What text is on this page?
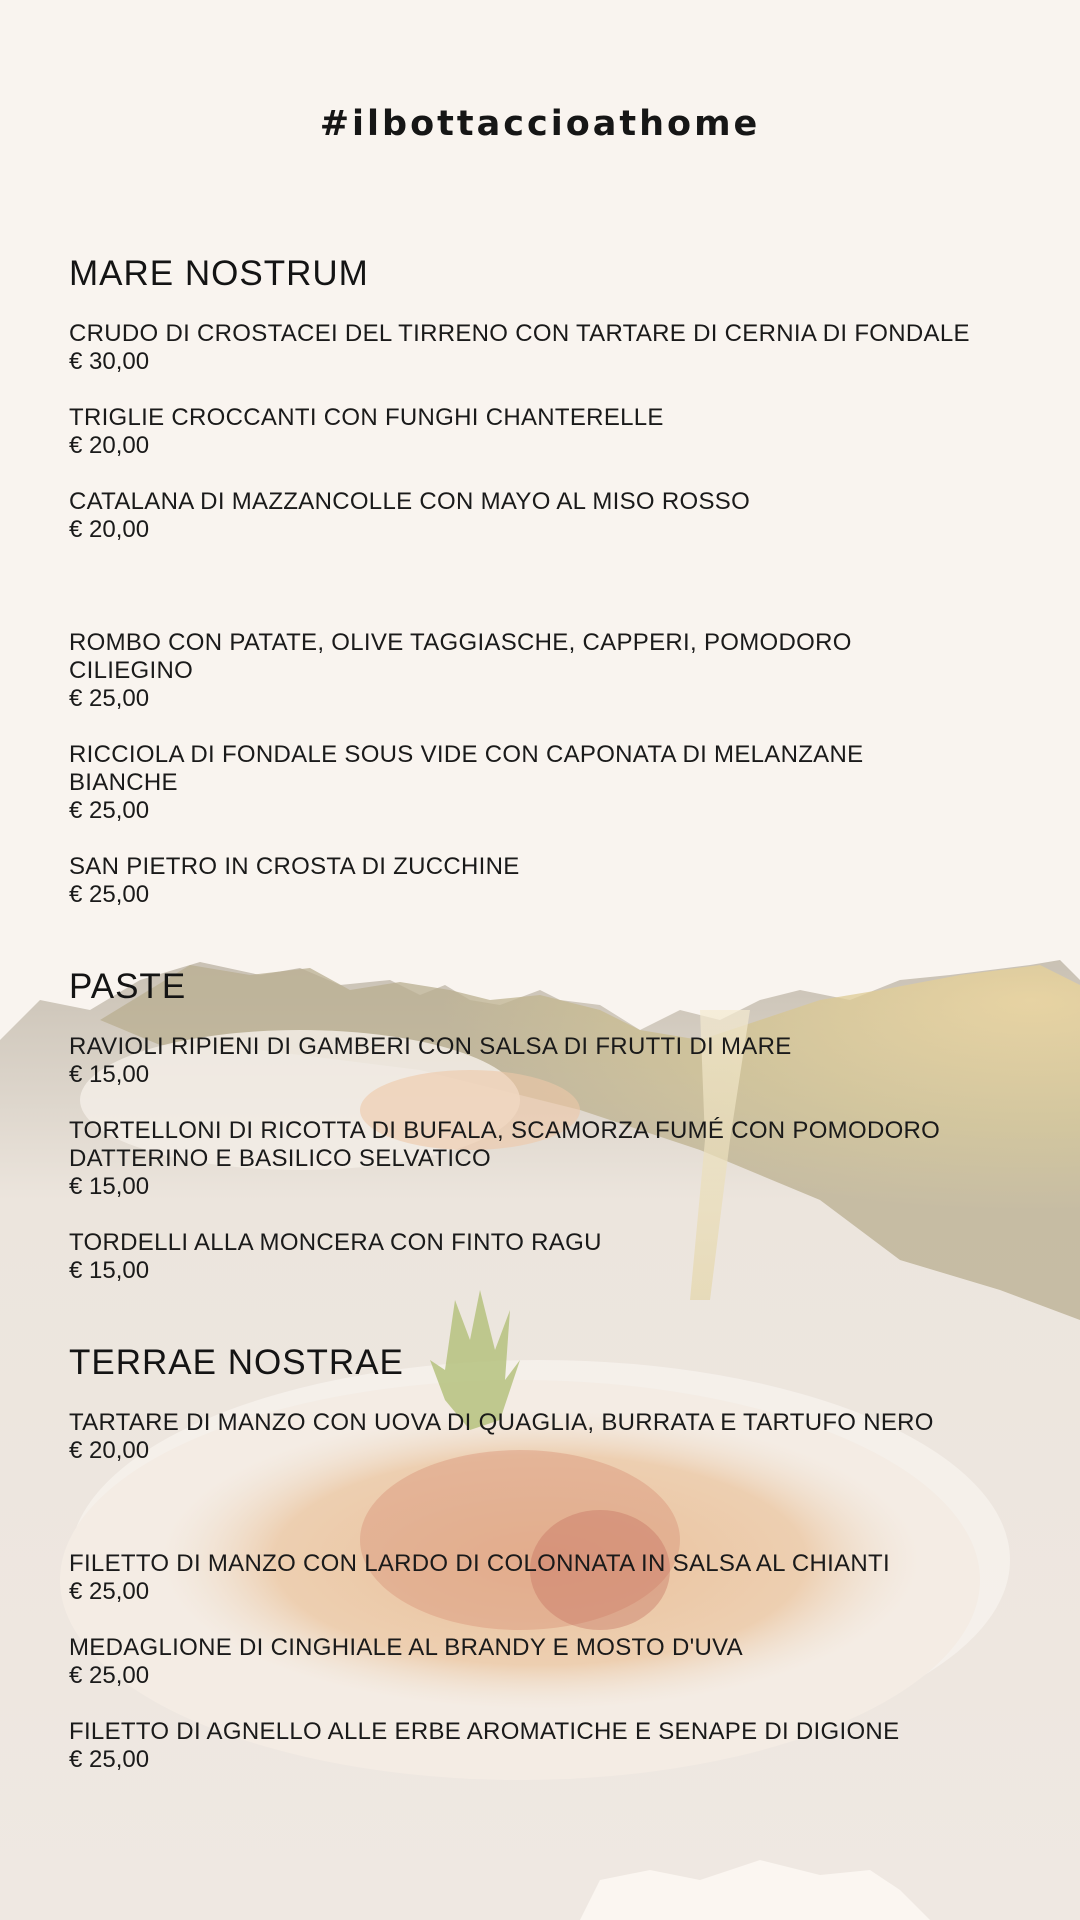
#ilbottaccioathome
MARE NOSTRUM
CRUDO DI CROSTACEI DEL TIRRENO CON TARTARE DI CERNIA DI FONDALE
€ 30,00
TRIGLIE CROCCANTI CON FUNGHI CHANTERELLE
€ 20,00
CATALANA DI MAZZANCOLLE CON MAYO AL MISO ROSSO
€ 20,00
ROMBO CON PATATE, OLIVE TAGGIASCHE, CAPPERI, POMODORO CILIEGINO
€ 25,00
RICCIOLA DI FONDALE SOUS VIDE CON CAPONATA DI MELANZANE BIANCHE
€ 25,00
SAN PIETRO IN CROSTA DI ZUCCHINE
€ 25,00
PASTE
RAVIOLI RIPIENI DI GAMBERI CON SALSA DI FRUTTI DI MARE
€ 15,00
TORTELLONI DI RICOTTA DI BUFALA, SCAMORZA FUMÉ CON POMODORO DATTERINO E BASILICO SELVATICO
€ 15,00
TORDELLI ALLA MONCERA CON FINTO RAGU
€ 15,00
TERRAE NOSTRAE
TARTARE DI MANZO CON UOVA DI QUAGLIA, BURRATA E TARTUFO NERO
€ 20,00
FILETTO DI MANZO CON LARDO DI COLONNATA IN SALSA AL CHIANTI
€ 25,00
MEDAGLIONE DI CINGHIALE AL BRANDY E MOSTO D'UVA
€ 25,00
FILETTO DI AGNELLO ALLE ERBE AROMATICHE E SENAPE DI DIGIONE
€ 25,00
